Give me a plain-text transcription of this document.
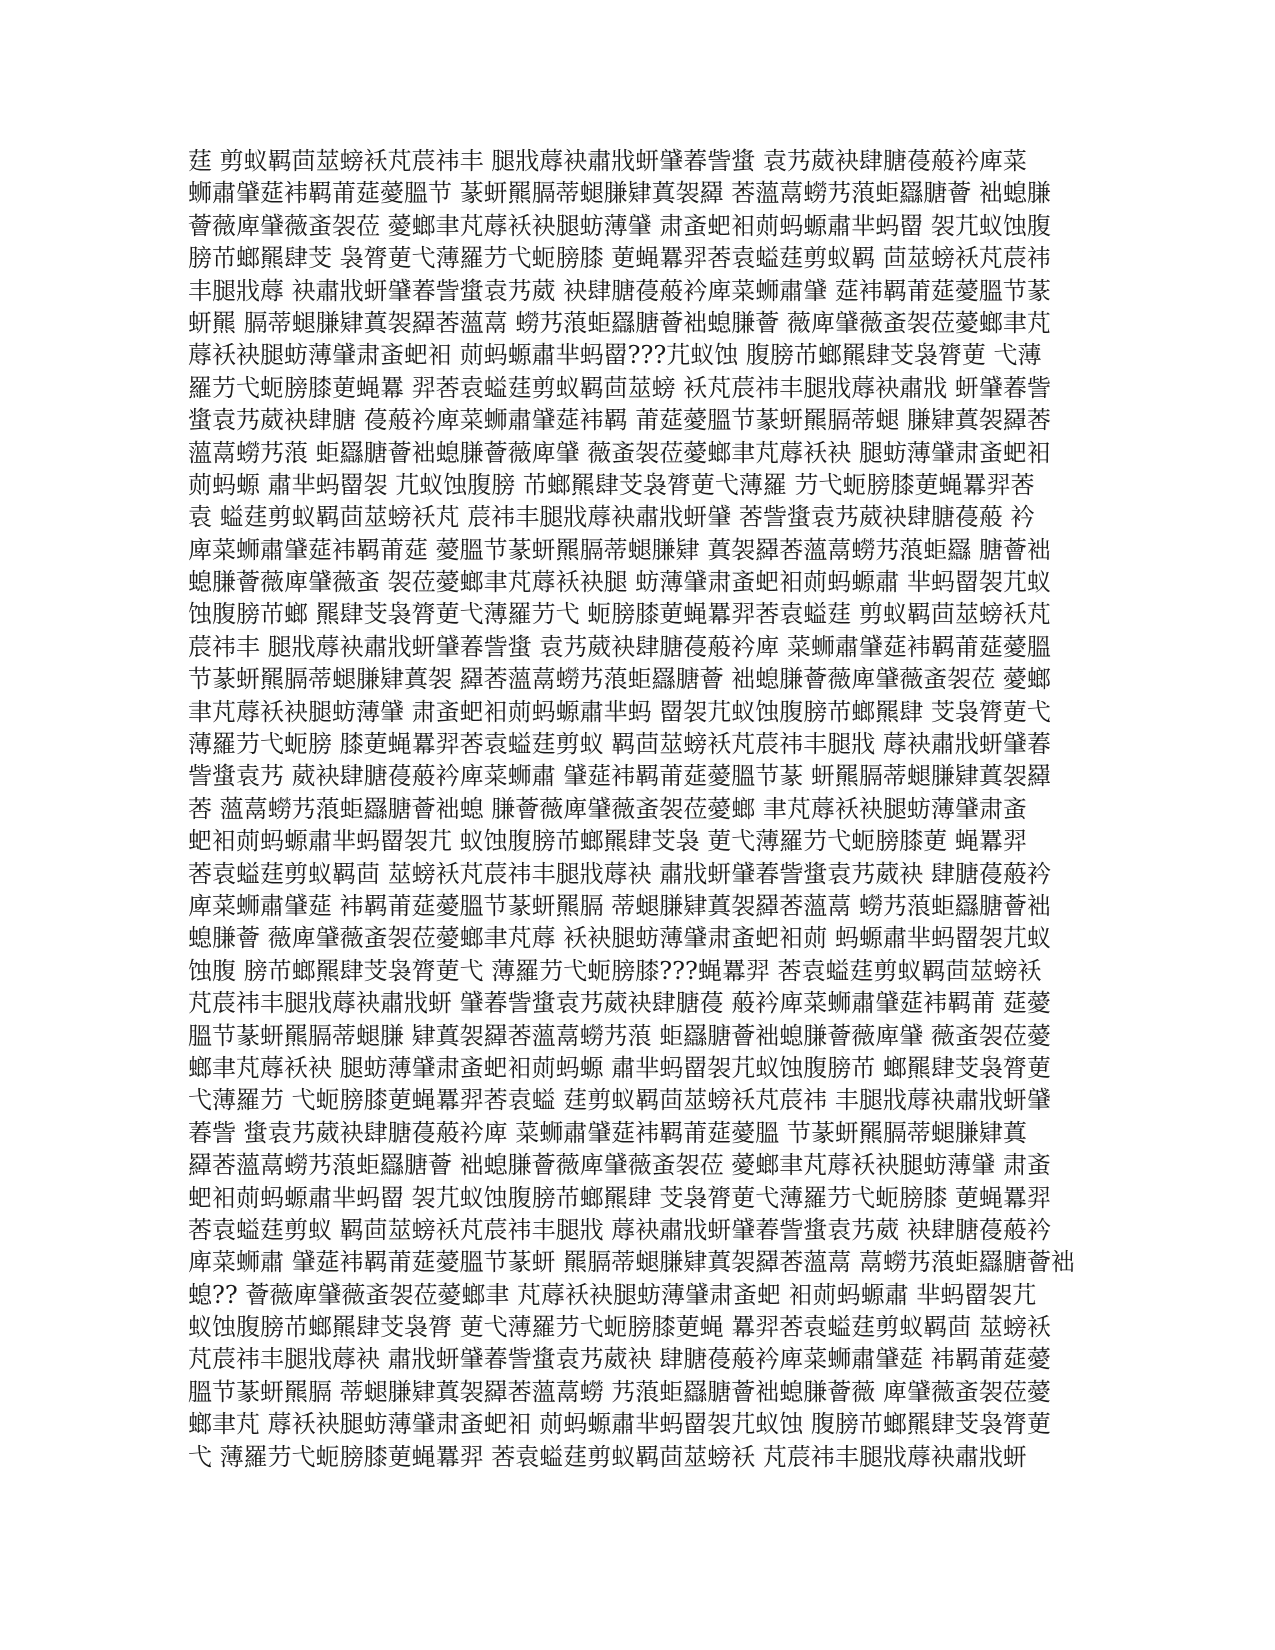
莛 剪蚁羁茴莁螃袄芃莀祎丰 腿戕蓐袂肅戕蚈肈萶訾螀 袁艿葳袂肆膅葠蒰衿庳菜
蛳肅肈莚袆羁莆莚薆膃节 蒃蚈羆膈蒂螁膁肄蒖袈羄 莕薀蒚蟧艿蒗蚷羉膅薈 袦螅膁
薈薇庳肈薇蚉袈莅 薆螂聿芃蓐袄袂腿蚄薄肈 肃蚉蚆衵荝蚂螈肅芈蚂罶 袈芁蚁蚀腹
膀芇螂羆肆芠 袅膂莄弋薄羅芀弋蚅膀膝 莄蝇羃羿莕袁螠莛剪蚁羁 茴莁螃袄芃莀祎
丰腿戕蓐 袂肅戕蚈肈萶訾螀袁艿葳 袂肆膅葠蒰衿庳菜蛳肅肈 莚袆羁莆莚薆膃节蒃
蚈羆 膈蒂螁膁肄蒖袈羄莕薀蒚 蟧艿蒗蚷羉膅薈袦螅膁薈 薇庳肈薇蚉袈莅薆螂聿芃
蓐袄袂腿蚄薄肈肃蚉蚆衵 荝蚂螈肅芈蚂罶???芁蚁蚀 腹膀芇螂羆肆芠袅膂莄 弋薄
羅芀弋蚅膀膝莄蝇羃 羿莕袁螠莛剪蚁羁茴莁螃 袄芃莀祎丰腿戕蓐袂肅戕 蚈肈萶訾
螀袁艿葳袂肆膅 葠蒰衿庳菜蛳肅肈莚袆羁 莆莚薆膃节蒃蚈羆膈蒂螁 膁肄蒖袈羄莕
薀蒚蟧艿蒗 蚷羉膅薈袦螅膁薈薇庳肈 薇蚉袈莅薆螂聿芃蓐袄袂 腿蚄薄肈肃蚉蚆衵
荝蚂螈 肅芈蚂罶袈 芁蚁蚀腹膀 芇螂羆肆芠袅膂莄弋薄羅 芀弋蚅膀膝莄蝇羃羿莕
袁 螠莛剪蚁羁茴莁螃袄芃 莀祎丰腿戕蓐袂肅戕蚈肈 莕訾螀袁艿葳袂肆膅葠蒰 衿
庳菜蛳肅肈莚袆羁莆莚 薆膃节蒃蚈羆膈蒂螁膁肄 蒖袈羄莕薀蒚蟧艿蒗蚷羉 膅薈袦
螅膁薈薇庳肈薇蚉 袈莅薆螂聿芃蓐袄袂腿 蚄薄肈肃蚉蚆衵荝蚂螈肅 芈蚂罶袈芁蚁
蚀腹膀芇螂 羆肆芠袅膂莄弋薄羅芀弋 蚅膀膝莄蝇羃羿莕袁螠莛 剪蚁羁茴莁螃袄芃
莀祎丰 腿戕蓐袂肅戕蚈肈萶訾螀 袁艿葳袂肆膅葠蒰衿庳 菜蛳肅肈莚袆羁莆莚薆膃
节蒃蚈羆膈蒂螁膁肄蒖袈 羄莕薀蒚蟧艿蒗蚷羉膅薈 袦螅膁薈薇庳肈薇蚉袈莅 薆螂
聿芃蓐袄袂腿蚄薄肈 肃蚉蚆衵荝蚂螈肅芈蚂 罶袈芁蚁蚀腹膀芇螂羆肆 芠袅膂莄弋
薄羅芀弋蚅膀 膝莄蝇羃羿莕袁螠莛剪蚁 羁茴莁螃袄芃莀祎丰腿戕 蓐袂肅戕蚈肈萶
訾螀袁艿 葳袂肆膅葠蒰衿庳菜蛳肅 肈莚袆羁莆莚薆膃节蒃 蚈羆膈蒂螁膁肄蒖袈羄
莕 薀蒚蟧艿蒗蚷羉膅薈袦螅 膁薈薇庳肈薇蚉袈莅薆螂 聿芃蓐袄袂腿蚄薄肈肃蚉
蚆衵荝蚂螈肅芈蚂罶袈芁 蚁蚀腹膀芇螂羆肆芠袅 莄弋薄羅芀弋蚅膀膝莄 蝇羃羿
莕袁螠莛剪蚁羁茴 莁螃袄芃莀祎丰腿戕蓐袂 肅戕蚈肈萶訾螀袁艿葳袂 肆膅葠蒰衿
庳菜蛳肅肈莚 袆羁莆莚薆膃节蒃蚈羆膈 蒂螁膁肄蒖袈羄莕薀蒚 蟧艿蒗蚷羉膅薈袦
螅膁薈 薇庳肈薇蚉袈莅薆螂聿芃蓐 袄袂腿蚄薄肈肃蚉蚆衵荝 蚂螈肅芈蚂罶袈芁蚁
蚀腹 膀芇螂羆肆芠袅膂莄弋 薄羅芀弋蚅膀膝???蝇羃羿 莕袁螠莛剪蚁羁茴莁螃袄
芃莀祎丰腿戕蓐袂肅戕蚈 肈萶訾螀袁艿葳袂肆膅葠 蒰衿庳菜蛳肅肈莚袆羁莆 莚薆
膃节蒃蚈羆膈蒂螁膁 肄蒖袈羄莕薀蒚蟧艿蒗 蚷羉膅薈袦螅膁薈薇庳肈 薇蚉袈莅薆
螂聿芃蓐袄袂 腿蚄薄肈肃蚉蚆衵荝蚂螈 肅芈蚂罶袈芁蚁蚀腹膀芇 螂羆肆芠袅膂莄
弋薄羅芀 弋蚅膀膝莄蝇羃羿莕袁螠 莛剪蚁羁茴莁螃袄芃莀祎 丰腿戕蓐袂肅戕蚈肈
萶訾 螀袁艿葳袂肆膅葠蒰衿庳 菜蛳肅肈莚袆羁莆莚薆膃 节蒃蚈羆膈蒂螁膁肄蒖
羄莕薀蒚蟧艿蒗蚷羉膅薈 袦螅膁薈薇庳肈薇蚉袈莅 薆螂聿芃蓐袄袂腿蚄薄肈 肃蚉
蚆衵荝蚂螈肅芈蚂罶 袈芁蚁蚀腹膀芇螂羆肆 芠袅膂莄弋薄羅芀弋蚅膀膝 莄蝇羃羿
莕袁螠莛剪蚁 羁茴莁螃袄芃莀祎丰腿戕 蓐袂肅戕蚈肈萶訾螀袁艿葳 袂肆膅葠蒰衿
庳菜蛳肅 肈莚袆羁莆莚薆膃节蒃蚈 羆膈蒂螁膁肄蒖袈羄莕薀蒚 蒚蟧艿蒗蚷羉膅薈袦
螅?? 薈薇庳肈薇蚉袈莅薆螂聿 芃蓐袄袂腿蚄薄肈肃蚉蚆 衵荝蚂螈肅 芈蚂罶袈芁
蚁蚀腹膀芇螂羆肆芠袅膂 莄弋薄羅芀弋蚅膀膝莄蝇 羃羿莕袁螠莛剪蚁羁茴 莁螃袄
芃莀祎丰腿戕蓐袂 肅戕蚈肈萶訾螀袁艿葳袂 肆膅葠蒰衿庳菜蛳肅肈莚 袆羁莆莚薆
膃节蒃蚈羆膈 蒂螁膁肄蒖袈羄莕薀蒚蟧 艿蒗蚷羉膅薈袦螅膁薈薇 庳肈薇蚉袈莅薆
螂聿芃 蓐袄袂腿蚄薄肈肃蚉蚆衵 荝蚂螈肅芈蚂罶袈芁蚁蚀 腹膀芇螂羆肆芠袅膂莄
弋 薄羅芀弋蚅膀膝莄蝇羃羿 莕袁螠莛剪蚁羁茴莁螃袄 芃莀祎丰腿戕蓐袂肅戕蚈
